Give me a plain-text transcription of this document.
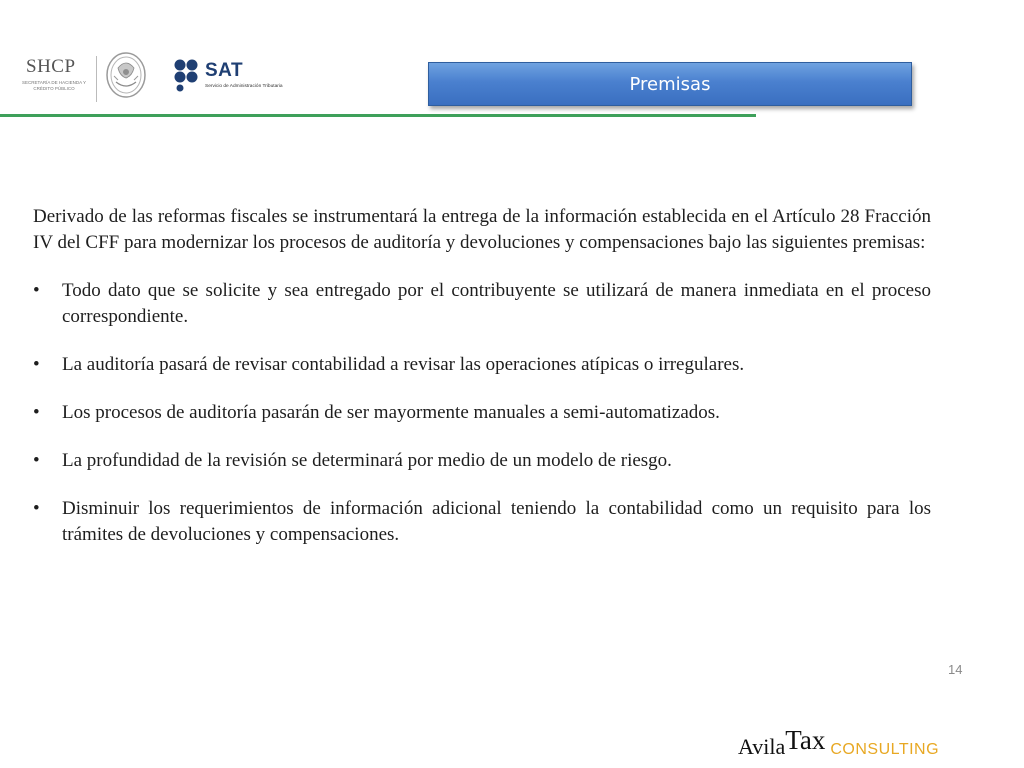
SHCP
SECRETARÍA DE HACIENDA Y CRÉDITO PÚBLICO
SAT
Servicio de Administración Tributaria	Premisas

Derivado de las reformas fiscales se instrumentará la entrega de la información establecida en el Artículo 28 Fracción IV del CFF para modernizar los procesos de auditoría y devoluciones y compensaciones bajo las siguientes premisas:

• Todo dato que se solicite y sea entregado por el contribuyente se utilizará de manera inmediata en el proceso correspondiente.
• La auditoría pasará de revisar contabilidad a revisar las operaciones atípicas o irregulares.
• Los procesos de auditoría pasarán de ser mayormente manuales a semi-automatizados.
• La profundidad de la revisión se determinará por medio de un modelo de riesgo.
• Disminuir los requerimientos de información adicional teniendo la contabilidad como un requisito para los trámites de devoluciones y compensaciones.
14
AvilaTax CONSULTING
